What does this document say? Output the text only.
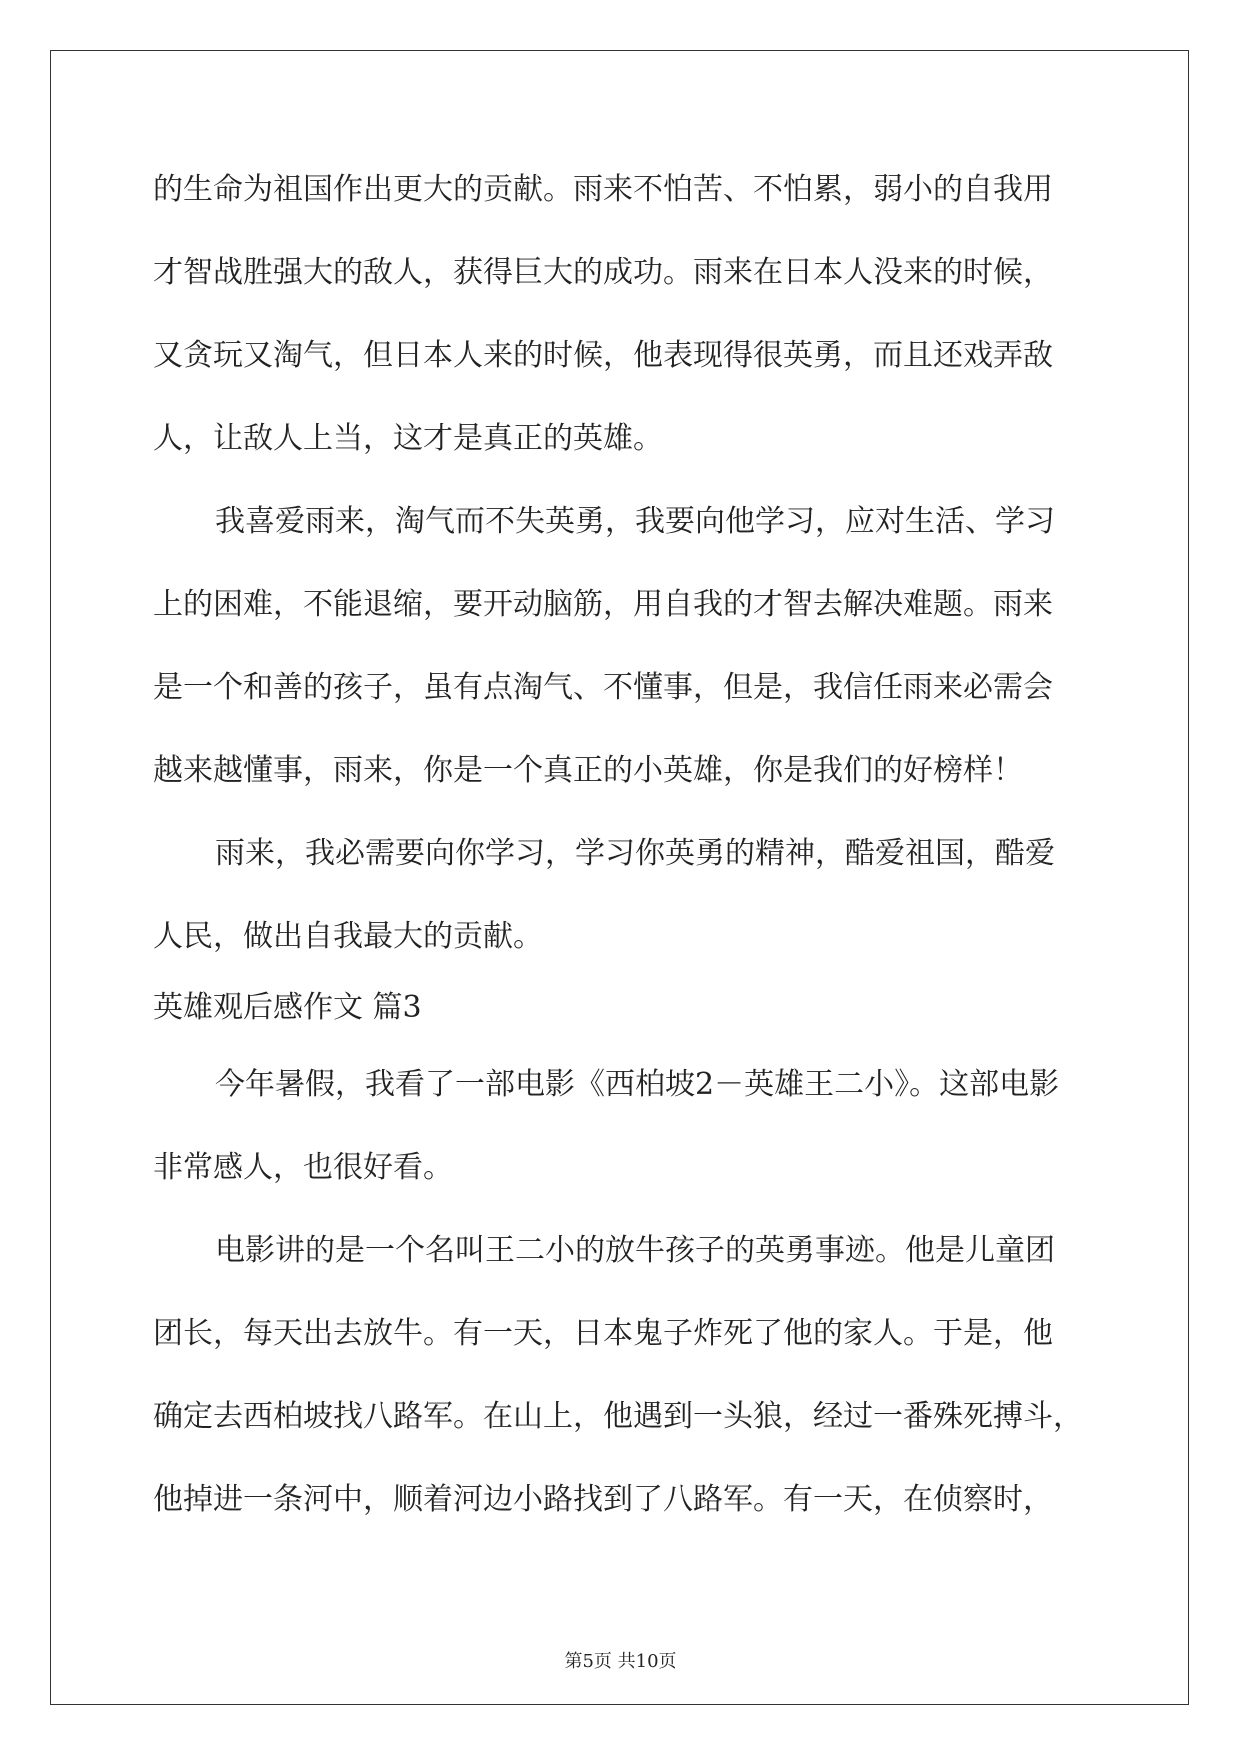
的生命为祖国作出更大的贡献。雨来不怕苦、不怕累，弱小的自我用
才智战胜强大的敌人，获得巨大的成功。雨来在日本人没来的时候，
又贪玩又淘气，但日本人来的时候，他表现得很英勇，而且还戏弄敌
人，让敌人上当，这才是真正的英雄。
我喜爱雨来，淘气而不失英勇，我要向他学习，应对生活、学习
上的困难，不能退缩，要开动脑筋，用自我的才智去解决难题。雨来
是一个和善的孩子，虽有点淘气、不懂事，但是，我信任雨来必需会
越来越懂事，雨来，你是一个真正的小英雄，你是我们的好榜样！
雨来，我必需要向你学习，学习你英勇的精神，酷爱祖国，酷爱
人民，做出自我最大的贡献。
英雄观后感作文 篇3
今年暑假，我看了一部电影《西柏坡2－英雄王二小》。这部电影
非常感人，也很好看。
电影讲的是一个名叫王二小的放牛孩子的英勇事迹。他是儿童团
团长，每天出去放牛。有一天，日本鬼子炸死了他的家人。于是，他
确定去西柏坡找八路军。在山上，他遇到一头狼，经过一番殊死搏斗，
他掉进一条河中，顺着河边小路找到了八路军。有一天，在侦察时，
第5页 共10页
